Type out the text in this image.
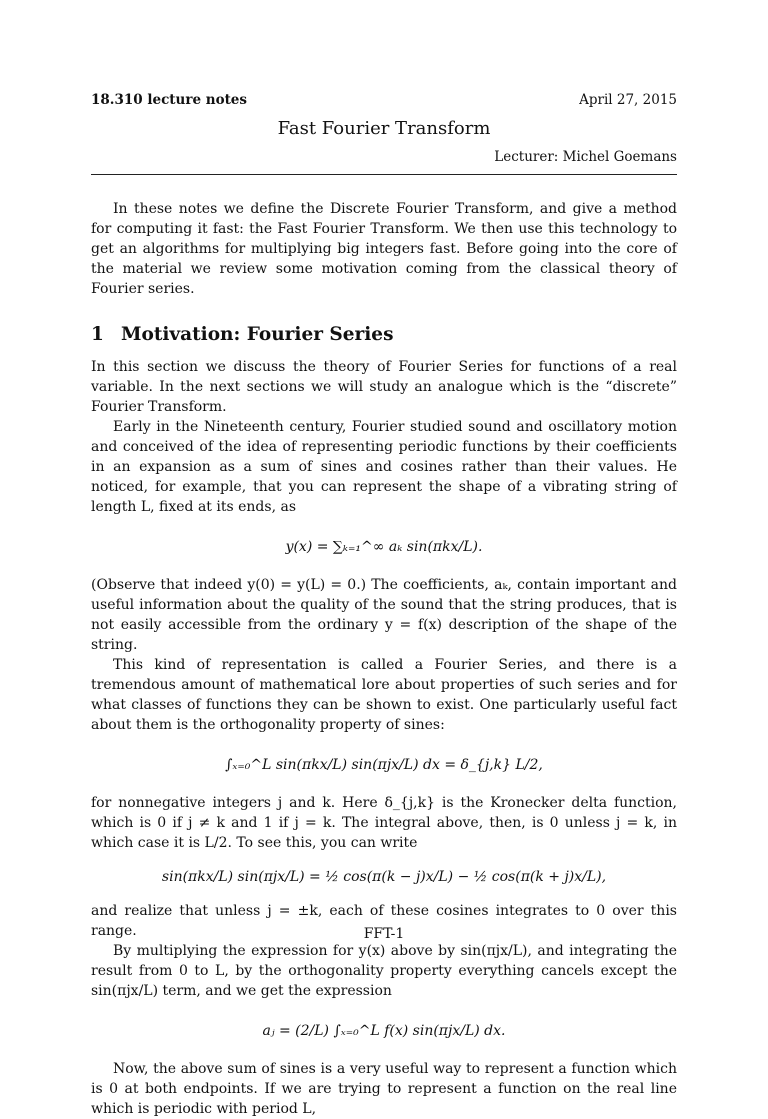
18.310 lecture notes	April 27, 2015
Fast Fourier Transform
Lecturer: Michel Goemans

In these notes we define the Discrete Fourier Transform, and give a method for computing it fast: the Fast Fourier Transform. We then use this technology to get an algorithms for multiplying big integers fast. Before going into the core of the material we review some motivation coming from the classical theory of Fourier series.

1 Motivation: Fourier Series

In this section we discuss the theory of Fourier Series for functions of a real variable. In the next sections we will study an analogue which is the “discrete” Fourier Transform.

Early in the Nineteenth century, Fourier studied sound and oscillatory motion and conceived of the idea of representing periodic functions by their coefficients in an expansion as a sum of sines and cosines rather than their values. He noticed, for example, that you can represent the shape of a vibrating string of length L, fixed at its ends, as

y(x) = ∑ₖ₌₁^∞ aₖ sin(πkx/L).

(Observe that indeed y(0) = y(L) = 0.) The coefficients, aₖ, contain important and useful information about the quality of the sound that the string produces, that is not easily accessible from the ordinary y = f(x) description of the shape of the string.

This kind of representation is called a Fourier Series, and there is a tremendous amount of mathematical lore about properties of such series and for what classes of functions they can be shown to exist. One particularly useful fact about them is the orthogonality property of sines:

∫ₓ₌₀^L sin(πkx/L) sin(πjx/L) dx = δ_{j,k} L/2,

for nonnegative integers j and k. Here δ_{j,k} is the Kronecker delta function, which is 0 if j ≠ k and 1 if j = k. The integral above, then, is 0 unless j = k, in which case it is L/2. To see this, you can write

sin(πkx/L) sin(πjx/L) = ½ cos(π(k − j)x/L) − ½ cos(π(k + j)x/L),

and realize that unless j = ±k, each of these cosines integrates to 0 over this range.

By multiplying the expression for y(x) above by sin(πjx/L), and integrating the result from 0 to L, by the orthogonality property everything cancels except the sin(πjx/L) term, and we get the expression

aⱼ = (2/L) ∫ₓ₌₀^L f(x) sin(πjx/L) dx.

Now, the above sum of sines is a very useful way to represent a function which is 0 at both endpoints. If we are trying to represent a function on the real line which is periodic with period L,

FFT-1
